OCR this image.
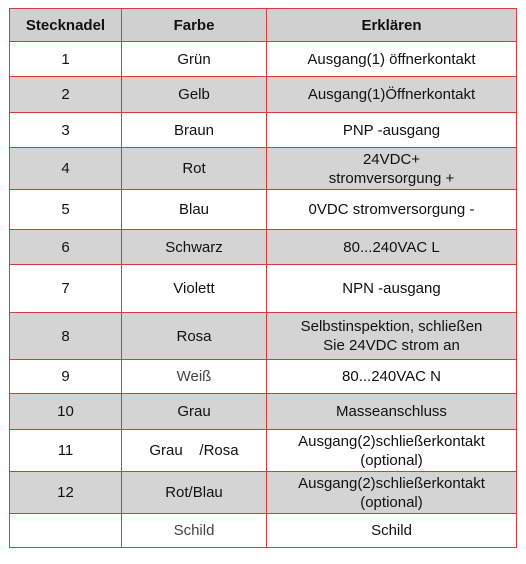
Stecknadel	Farbe	Erklären
1	Grün	Ausgang(1) öffnerkontakt
2	Gelb	Ausgang(1)Öffnerkontakt
3	Braun	PNP -ausgang
4	Rot	24VDC+
stromversorgung +
5	Blau	0VDC stromversorgung -
6	Schwarz	80...240VAC L
7	Violett	NPN -ausgang
8	Rosa	Selbstinspektion, schließen
Sie 24VDC strom an
9	Weiß	80...240VAC N
10	Grau	Masseanschluss
11	Grau    /Rosa	Ausgang(2)schließerkontakt
(optional)
12	Rot/Blau	Ausgang(2)schließerkontakt
(optional)
	Schild	Schild
